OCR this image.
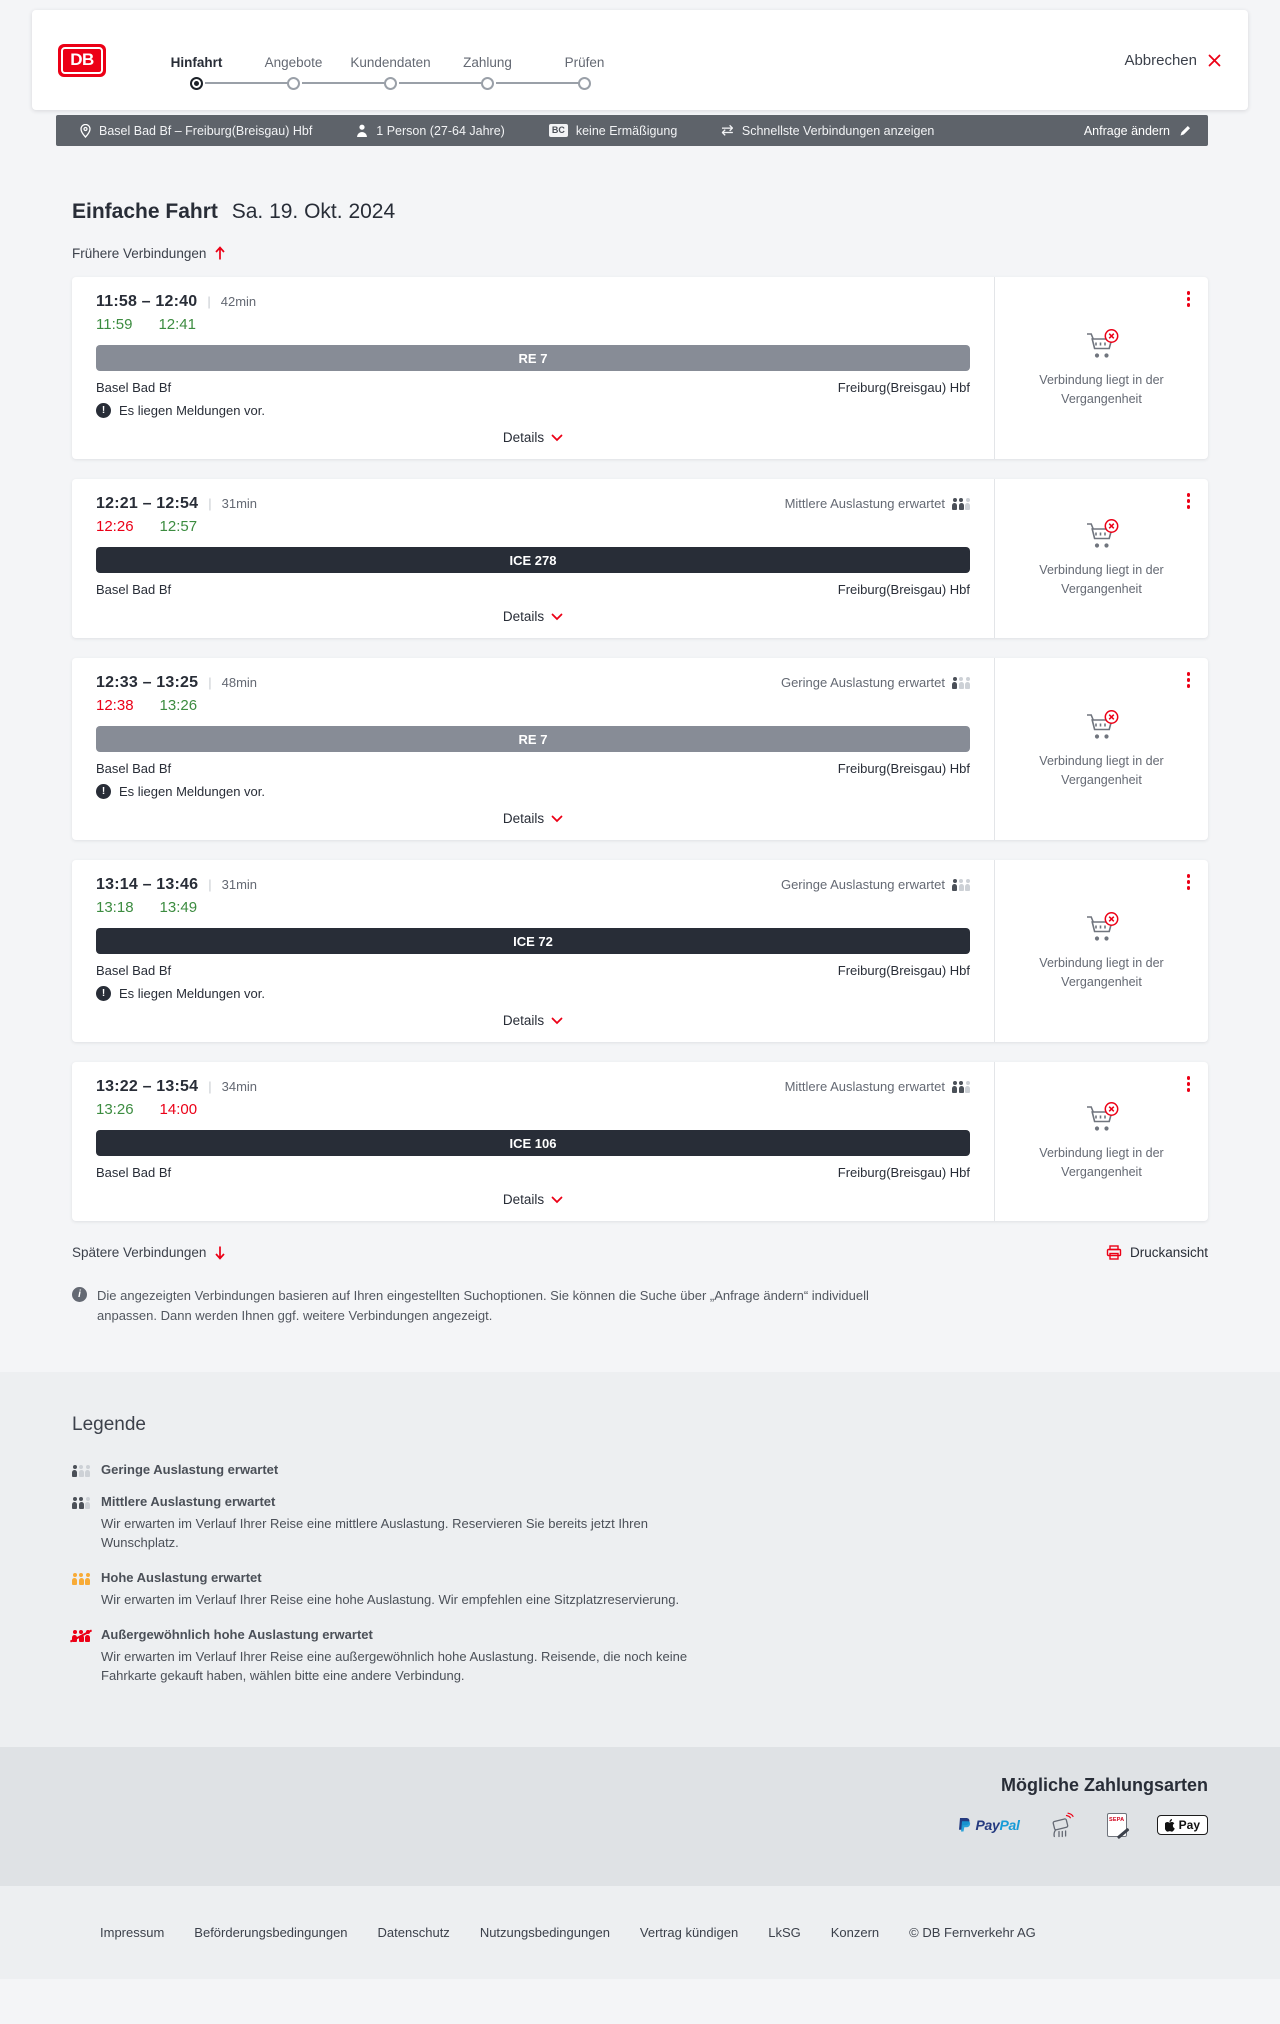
DB	Hinfahrt	Angebote Kundendaten Zahlung	Prüfen	Abbrechen
Basel Bad Bf – Freiburg(Breisgau) Hbf	1 Person (27-64 Jahre)	BC keine Ermäßigung	⇄ Schnellste Verbindungen anzeigen	Anfrage ändern
Einfache Fahrt Sa. 19. Okt. 2024
Frühere Verbindungen
11:58 – 12:40 | 42min
11:59 12:41
RE 7
Basel Bad Bf	Freiburg(Breisgau) Hbf
!	Es liegen Meldungen vor.
Details

Verbindung liegt in der Vergangenheit

12:21 – 12:54 | 31min	Mittlere Auslastung erwartet
12:26 12:57
ICE 278
Basel Bad Bf	Freiburg(Breisgau) Hbf
Details

Verbindung liegt in der Vergangenheit

12:33 – 13:25 | 48min	Geringe Auslastung erwartet
12:38 13:26
RE 7
Basel Bad Bf	Freiburg(Breisgau) Hbf
!	Es liegen Meldungen vor.
Details

Verbindung liegt in der Vergangenheit

13:14 – 13:46 | 31min	Geringe Auslastung erwartet
13:18 13:49
ICE 72
Basel Bad Bf	Freiburg(Breisgau) Hbf
!	Es liegen Meldungen vor.
Details

Verbindung liegt in der Vergangenheit

13:22 – 13:54 | 34min	Mittlere Auslastung erwartet
13:26 14:00
ICE 106
Basel Bad Bf	Freiburg(Breisgau) Hbf
Details

Verbindung liegt in der Vergangenheit

Spätere Verbindungen	Druckansicht
i	Die angezeigten Verbindungen basieren auf Ihren eingestellten Suchoptionen. Sie können die Suche über „Anfrage ändern“ individuell anpassen. Dann werden Ihnen ggf. weitere Verbindungen angezeigt.

Legende
Geringe Auslastung erwartet
Mittlere Auslastung erwartet

Wir erwarten im Verlauf Ihrer Reise eine mittlere Auslastung. Reservieren Sie bereits jetzt Ihren Wunschplatz.

Hohe Auslastung erwartet

Wir erwarten im Verlauf Ihrer Reise eine hohe Auslastung. Wir empfehlen eine Sitzplatzreservierung.

Außergewöhnlich hohe Auslastung erwartet

Wir erwarten im Verlauf Ihrer Reise eine außergewöhnlich hohe Auslastung. Reisende, die noch keine Fahrkarte gekauft haben, wählen bitte eine andere Verbindung.

Mögliche Zahlungsarten
PayPal	SEPA	Pay
Impressum Beförderungsbedingungen Datenschutz Nutzungsbedingungen Vertrag kündigen LkSG Konzern © DB Fernverkehr AG
